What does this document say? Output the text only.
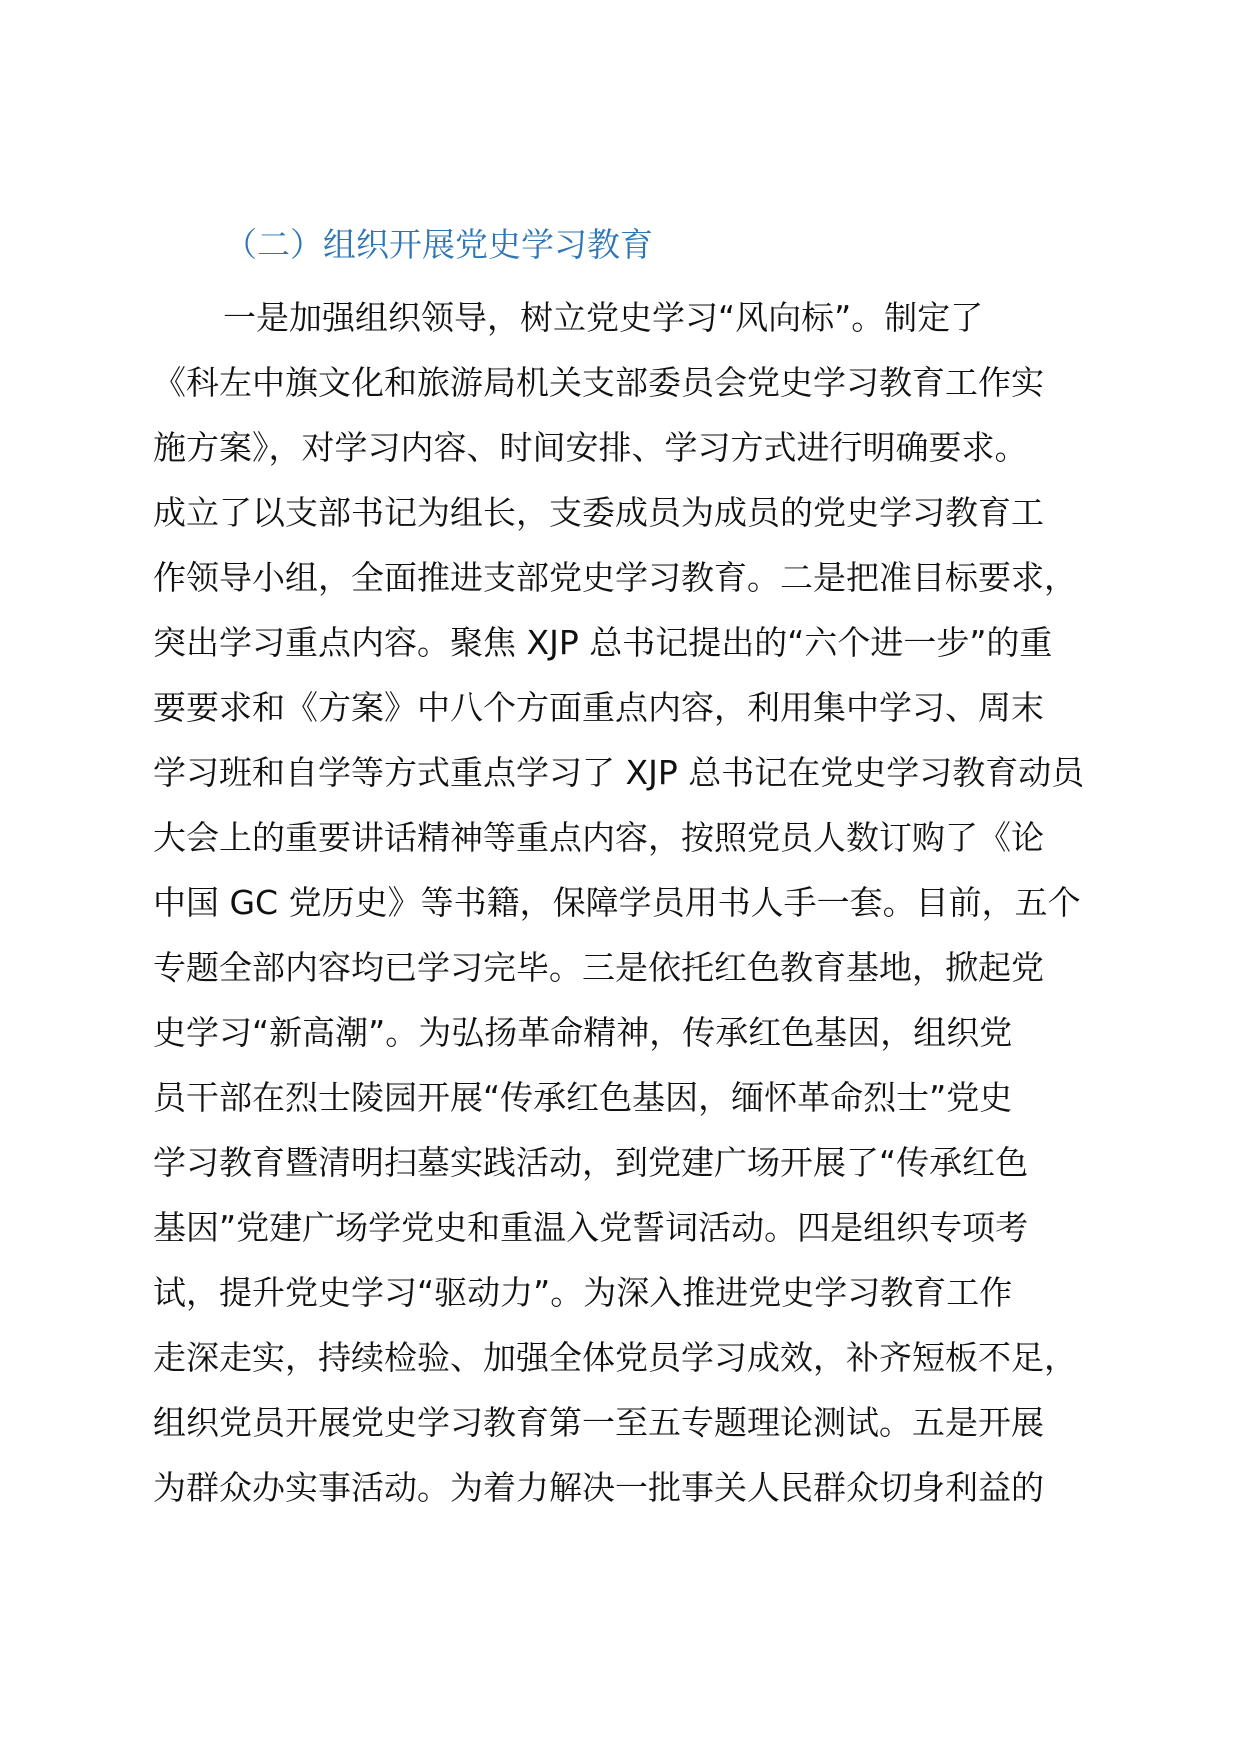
（二）组织开展党史学习教育
一是加强组织领导，树立党史学习“风向标”。制定了
《科左中旗文化和旅游局机关支部委员会党史学习教育工作实
施方案》，对学习内容、时间安排、学习方式进行明确要求。
成立了以支部书记为组长，支委成员为成员的党史学习教育工
作领导小组，全面推进支部党史学习教育。二是把准目标要求，
突出学习重点内容。聚焦 XJP 总书记提出的“六个进一步”的重
要要求和《方案》中八个方面重点内容，利用集中学习、周末
学习班和自学等方式重点学习了 XJP 总书记在党史学习教育动员
大会上的重要讲话精神等重点内容，按照党员人数订购了《论
中国 GC 党历史》等书籍，保障学员用书人手一套。目前，五个
专题全部内容均已学习完毕。三是依托红色教育基地，掀起党
史学习“新高潮”。为弘扬革命精神，传承红色基因，组织党
员干部在烈士陵园开展“传承红色基因，缅怀革命烈士”党史
学习教育暨清明扫墓实践活动，到党建广场开展了“传承红色
基因”党建广场学党史和重温入党誓词活动。四是组织专项考
试，提升党史学习“驱动力”。为深入推进党史学习教育工作
走深走实，持续检验、加强全体党员学习成效，补齐短板不足，
组织党员开展党史学习教育第一至五专题理论测试。五是开展
为群众办实事活动。为着力解决一批事关人民群众切身利益的
